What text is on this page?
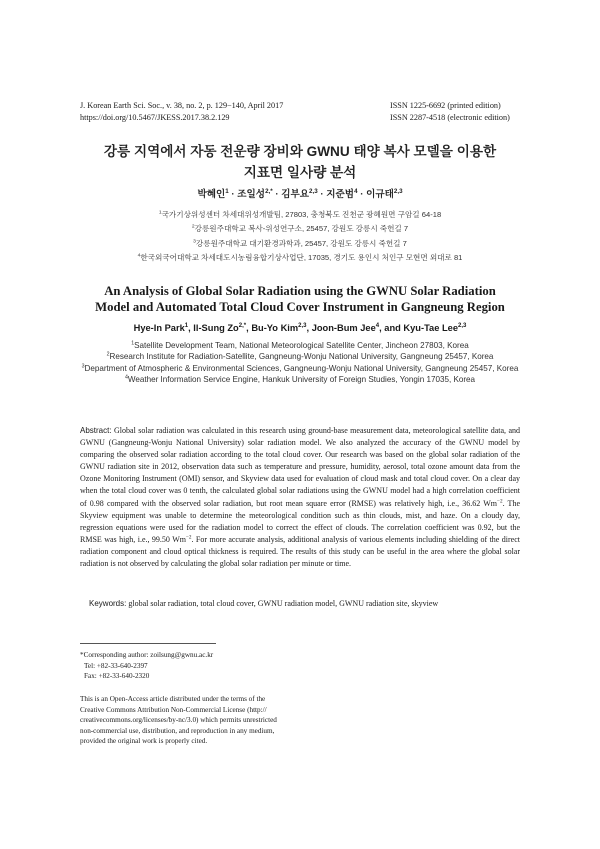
J. Korean Earth Sci. Soc., v. 38, no. 2, p. 129−140, April 2017
https://doi.org/10.5467/JKESS.2017.38.2.129
ISSN 1225-6692 (printed edition)
ISSN 2287-4518 (electronic edition)
강릉 지역에서 자동 전운량 장비와 GWNU 태양 복사 모델을 이용한
지표면 일사량 분석
박혜인$^1$ · 조일성$^{2,*}$ · 김부요$^{2,3}$ · 지준범$^4$ · 이규태$^{2,3}$
$^1$국가기상위성센터 차세대위성개발팀, 27803, 충청북도 진천군 광혜원면 구암길 64-18
$^2$강릉원주대학교 복사-위성연구소, 25457, 강원도 강릉시 죽헌길 7
$^3$강릉원주대학교 대기환경과학과, 25457, 강원도 강릉시 죽헌길 7
$^4$한국외국어대학교 차세대도시농림융합기상사업단, 17035, 경기도 용인시 처인구 모현면 외대로 81
An Analysis of Global Solar Radiation using the GWNU Solar Radiation
Model and Automated Total Cloud Cover Instrument in Gangneung Region
Hye-In Park$^1$, Il-Sung $Zo^{2,*}$, Bu-Yo Kim$^{2,3}$, Joon-Bum Jee$^4$, and Kyu-Tae Lee$^{2,3}$
$^1$Satellite Development Team, National Meteorological Satellite Center, Jincheon 27803, Korea
$^2$Research Institute for Radiation-Satellite, Gangneung-Wonju National University, Gangneung 25457, Korea
$^3$Department of Atmospheric & Environmental Sciences, Gangneung-Wonju National University, Gangneung 25457, Korea
$^4$Weather Information Service Engine, Hankuk University of Foreign Studies, Yongin 17035, Korea

Abstract: Global solar radiation was calculated in this research using ground-base measurement data, meteorological satellite data, and GWNU (Gangneung-Wonju National University) solar radiation model. We also analyzed the accuracy of the GWNU model by comparing the observed solar radiation according to the total cloud cover. Our research was based on the global solar radiation of the GWNU radiation site in 2012, observation data such as temperature and pressure, humidity, aerosol, total ozone amount data from the Ozone Monitoring Instrument (OMI) sensor, and Skyview data used for evaluation of cloud mask and total cloud cover. On a clear day when the total cloud cover was 0 tenth, the calculated global solar radiations using the GWNU model had a high correlation coefficient of 0.98 compared with the observed solar radiation, but root mean square error (RMSE) was relatively high, i.e., 36.62 $Wm^{-2}$. The Skyview equipment was unable to determine the meteorological condition such as thin clouds, mist, and haze. On a cloudy day, regression equations were used for the radiation model to correct the effect of clouds. The correlation coefficient was 0.92, but the RMSE was high, i.e., 99.50 $Wm^{-2}$. For more accurate analysis, additional analysis of various elements including shielding of the direct radiation component and cloud optical thickness is required. The results of this study can be useful in the area where the global solar radiation is not observed by calculating the global solar radiation per minute or time.

Keywords: global solar radiation, total cloud cover, GWNU radiation model, GWNU radiation site, skyview
*Corresponding author: zoilsung@gwnu.ac.kr
Tel: +82-33-640-2397
Fax: +82-33-640-2320
This is an Open-Access article distributed under the terms of the
Creative Commons Attribution Non-Commercial License (http://
creativecommons.org/licenses/by-nc/3.0) which permits unrestricted
non-commercial use, distribution, and reproduction in any medium,
provided the original work is properly cited.
